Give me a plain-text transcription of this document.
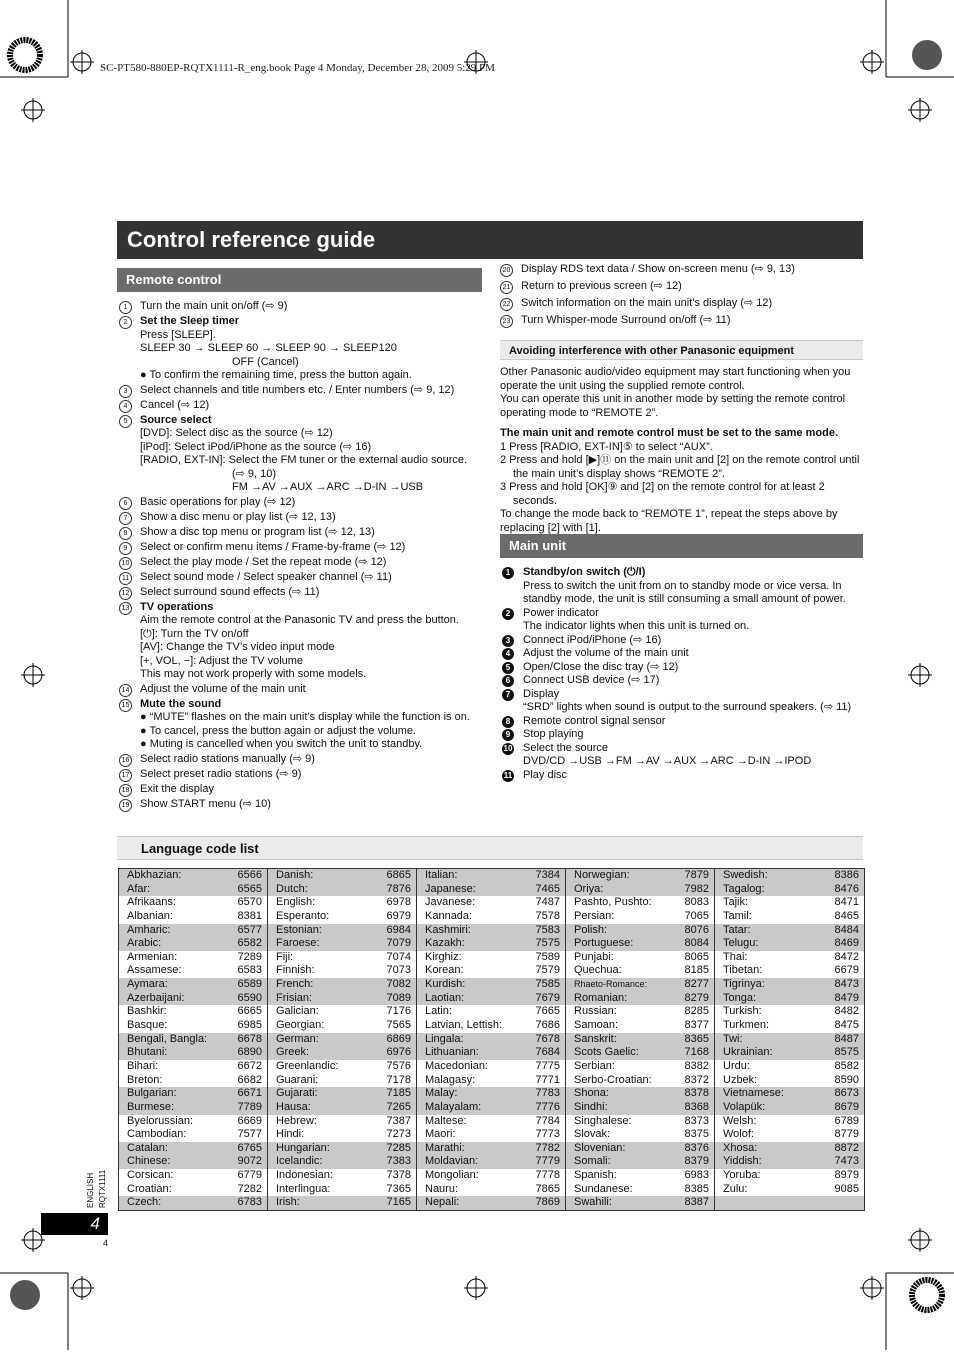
SC-PT580-880EP-RQTX1111-R_eng.book Page 4 Monday, December 28, 2009 5:29 PM
Control reference guide
Remote control
1	Turn the main unit on/off (⇨ 9)
2	Set the Sleep timer
Press [SLEEP].
SLEEP 30 → SLEEP 60 → SLEEP 90 → SLEEP120
OFF (Cancel)
● To confirm the remaining time, press the button again.
3	Select channels and title numbers etc. / Enter numbers (⇨ 9, 12)
4	Cancel (⇨ 12)
5	Source select
[DVD]: Select disc as the source (⇨ 12)
[iPod]: Select iPod/iPhone as the source (⇨ 16)
[RADIO, EXT-IN]: Select the FM tuner or the external audio source.
(⇨ 9, 10)
FM →AV →AUX →ARC →D-IN →USB
6	Basic operations for play (⇨ 12)
7	Show a disc menu or play list (⇨ 12, 13)
8	Show a disc top menu or program list (⇨ 12, 13)
9	Select or confirm menu items / Frame-by-frame (⇨ 12)
10 Select the play mode / Set the repeat mode (⇨ 12)
11 Select sound mode / Select speaker channel (⇨ 11)
12 Select surround sound effects (⇨ 11)
13 TV operations
Aim the remote control at the Panasonic TV and press the button.
[⏻]: Turn the TV on/off
[AV]: Change the TV’s video input mode
[+, VOL, −]: Adjust the TV volume
This may not work properly with some models.
14 Adjust the volume of the main unit
15 Mute the sound
● “MUTE” flashes on the main unit’s display while the function is on.
● To cancel, press the button again or adjust the volume.
● Muting is cancelled when you switch the unit to standby.
16 Select radio stations manually (⇨ 9)
17 Select preset radio stations (⇨ 9)
18 Exit the display
19 Show START menu (⇨ 10)
20 Display RDS text data / Show on-screen menu (⇨ 9, 13)
21 Return to previous screen (⇨ 12)
22 Switch information on the main unit’s display (⇨ 12)
23 Turn Whisper-mode Surround on/off (⇨ 11)
Avoiding interference with other Panasonic equipment
Other Panasonic audio/video equipment may start functioning when you operate the unit using the supplied remote control.
You can operate this unit in another mode by setting the remote control operating mode to “REMOTE 2”.
The main unit and remote control must be set to the same mode.
1 Press [RADIO, EXT-IN]⑤ to select “AUX”.
2 Press and hold [▶]⑪ on the main unit and [2] on the remote control until the main unit’s display shows “REMOTE 2”.
3 Press and hold [OK]⑨ and [2] on the remote control for at least 2 seconds.
To change the mode back to “REMOTE 1”, repeat the steps above by replacing [2] with [1].
Main unit
1	Standby/on switch (⏻/I)
Press to switch the unit from on to standby mode or vice versa. In standby mode, the unit is still consuming a small amount of power.
2	Power indicator
The indicator lights when this unit is turned on.
3	Connect iPod/iPhone (⇨ 16)
4	Adjust the volume of the main unit
5	Open/Close the disc tray (⇨ 12)
6	Connect USB device (⇨ 17)
7	Display
“SRD” lights when sound is output to the surround speakers. (⇨ 11)
8	Remote control signal sensor
9	Stop playing
10 Select the source
DVD/CD →USB →FM →AV →AUX →ARC →D-IN →IPOD
11 Play disc
Language code list
Abkhazian:	6566
Afar:	6565
Afrikaans:	6570
Albanian:	8381
Amharic:	6577
Arabic:	6582
Armenian:	7289
Assamese:	6583
Aymara:	6589
Azerbaijani:	6590
Bashkir:	6665
Basque:	6985
Bengali, Bangla:	6678
Bhutani:	6890
Bihari:	6672
Breton:	6682
Bulgarian:	6671
Burmese:	7789
Byelorussian:	6669
Cambodian:	7577
Catalan:	6765
Chinese:	9072
Corsican:	6779
Croatian:	7282
Czech:	6783
Danish:	6865
Dutch:	7876
English:	6978
Esperanto:	6979
Estonian:	6984
Faroese:	7079
Fiji:	7074
Finnish:	7073
French:	7082
Frisian:	7089
Galician:	7176
Georgian:	7565
German:	6869
Greek:	6976
Greenlandic:	7576
Guarani:	7178
Gujarati:	7185
Hausa:	7265
Hebrew:	7387
Hindi:	7273
Hungarian:	7285
Icelandic:	7383
Indonesian:	7378
Interlingua:	7365
Irish:	7165
Italian:	7384
Japanese:	7465
Javanese:	7487
Kannada:	7578
Kashmiri:	7583
Kazakh:	7575
Kirghiz:	7589
Korean:	7579
Kurdish:	7585
Laotian:	7679
Latin:	7665
Latvian, Lettish:	7686
Lingala:	7678
Lithuanian:	7684
Macedonian:	7775
Malagasy:	7771
Malay:	7783
Malayalam:	7776
Maltese:	7784
Maori:	7773
Marathi:	7782
Moldavian:	7779
Mongolian:	7778
Nauru:	7865
Nepali:	7869
Norwegian:	7879
Oriya:	7982
Pashto, Pushto:	8083
Persian:	7065
Polish:	8076
Portuguese:	8084
Punjabi:	8065
Quechua:	8185
Rhaeto-Romance:	8277
Romanian:	8279
Russian:	8285
Samoan:	8377
Sanskrit:	8365
Scots Gaelic:	7168
Serbian:	8382
Serbo-Croatian:	8372
Shona:	8378
Sindhi:	8368
Singhalese:	8373
Slovak:	8375
Slovenian:	8376
Somali:	8379
Spanish:	6983
Sundanese:	8385
Swahili:	8387
Swedish:	8386
Tagalog:	8476
Tajik:	8471
Tamil:	8465
Tatar:	8484
Telugu:	8469
Thai:	8472
Tibetan:	6679
Tigrinya:	8473
Tonga:	8479
Turkish:	8482
Turkmen:	8475
Twi:	8487
Ukrainian:	8575
Urdu:	8582
Uzbek:	8590
Vietnamese:	8673
Volapük:	8679
Welsh:	6789
Wolof:	8779
Xhosa:	8872
Yiddish:	7473
Yoruba:	8979
Zulu:	9085
ENGLISH RQTX1111
4
4
